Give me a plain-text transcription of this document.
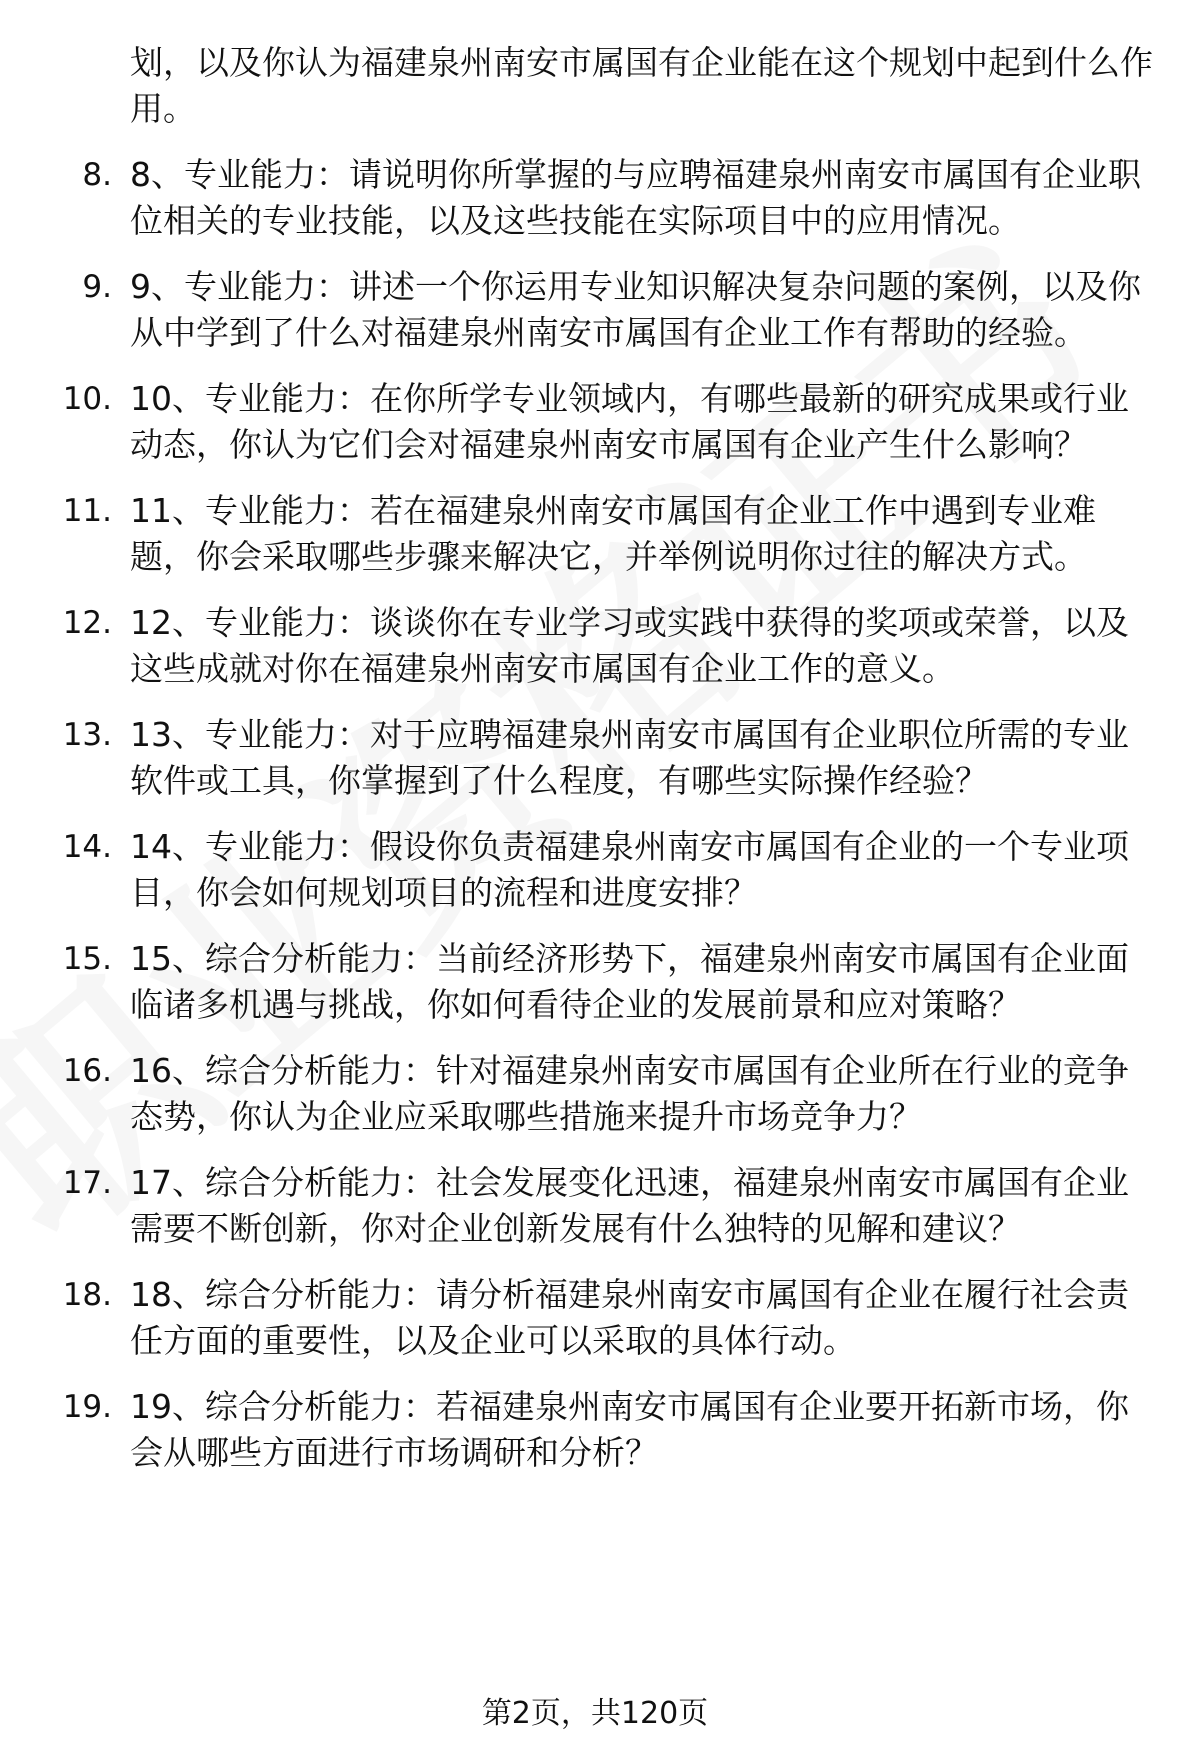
划，以及你认为福建泉州南安市属国有企业能在这个规划中起到什么作用。
8. 8、专业能力：请说明你所掌握的与应聘福建泉州南安市属国有企业职位相关的专业技能，以及这些技能在实际项目中的应用情况。
9. 9、专业能力：讲述一个你运用专业知识解决复杂问题的案例，以及你从中学到了什么对福建泉州南安市属国有企业工作有帮助的经验。
10. 10、专业能力：在你所学专业领域内，有哪些最新的研究成果或行业动态，你认为它们会对福建泉州南安市属国有企业产生什么影响？
11. 11、专业能力：若在福建泉州南安市属国有企业工作中遇到专业难题，你会采取哪些步骤来解决它，并举例说明你过往的解决方式。
12. 12、专业能力：谈谈你在专业学习或实践中获得的奖项或荣誉，以及这些成就对你在福建泉州南安市属国有企业工作的意义。
13. 13、专业能力：对于应聘福建泉州南安市属国有企业职位所需的专业软件或工具，你掌握到了什么程度，有哪些实际操作经验？
14. 14、专业能力：假设你负责福建泉州南安市属国有企业的一个专业项目，你会如何规划项目的流程和进度安排？
15. 15、综合分析能力：当前经济形势下，福建泉州南安市属国有企业面临诸多机遇与挑战，你如何看待企业的发展前景和应对策略？
16. 16、综合分析能力：针对福建泉州南安市属国有企业所在行业的竞争态势，你认为企业应采取哪些措施来提升市场竞争力？
17. 17、综合分析能力：社会发展变化迅速，福建泉州南安市属国有企业需要不断创新，你对企业创新发展有什么独特的见解和建议？
18. 18、综合分析能力：请分析福建泉州南安市属国有企业在履行社会责任方面的重要性，以及企业可以采取的具体行动。
19. 19、综合分析能力：若福建泉州南安市属国有企业要开拓新市场，你会从哪些方面进行市场调研和分析？
第2页，共120页
